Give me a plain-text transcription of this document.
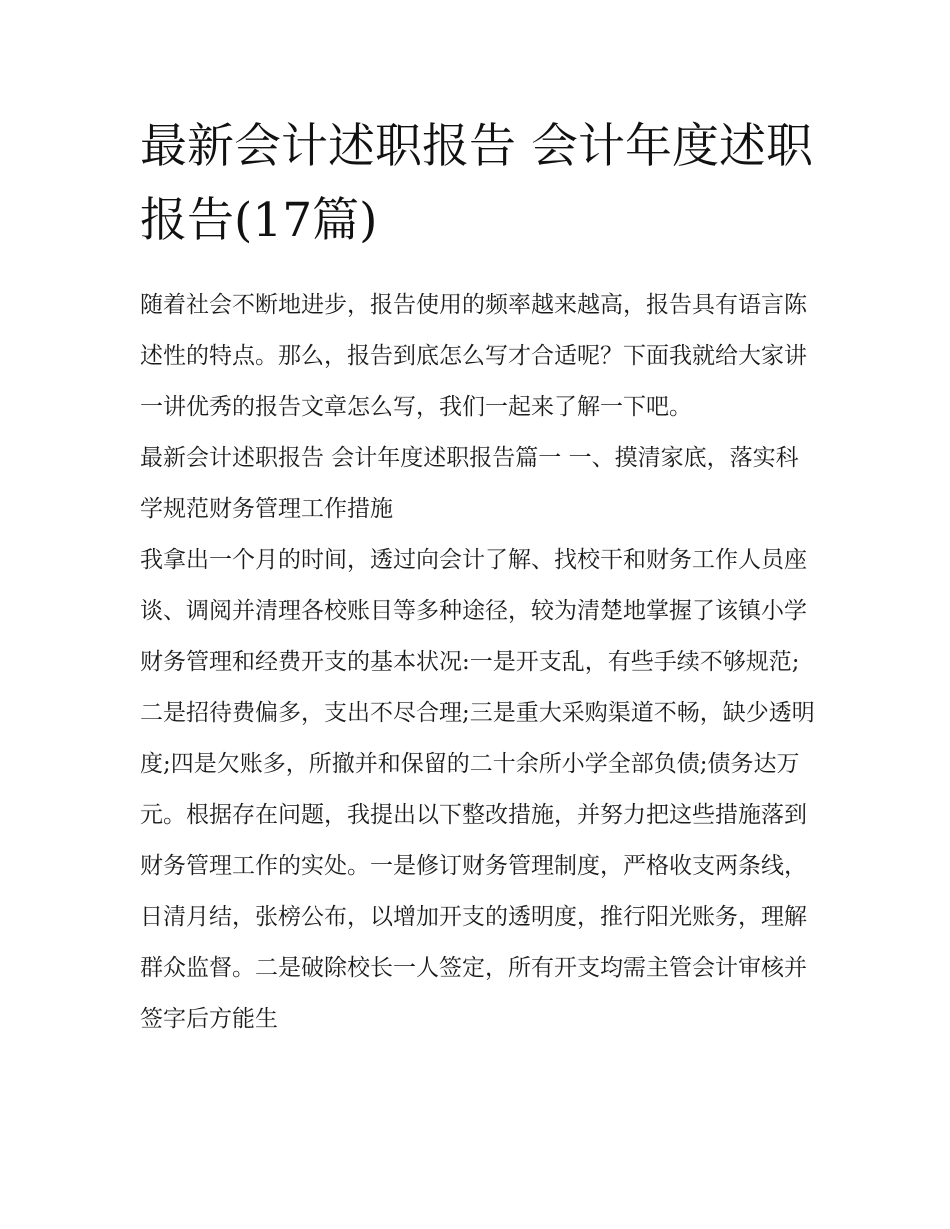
最新会计述职报告 会计年度述职报告(17篇)

随着社会不断地进步，报告使用的频率越来越高，报告具有语言陈述性的特点。那么，报告到底怎么写才合适呢？下面我就给大家讲一讲优秀的报告文章怎么写，我们一起来了解一下吧。

最新会计述职报告 会计年度述职报告篇一 一、摸清家底，落实科学规范财务管理工作措施

我拿出一个月的时间，透过向会计了解、找校干和财务工作人员座谈、调阅并清理各校账目等多种途径，较为清楚地掌握了该镇小学财务管理和经费开支的基本状况:一是开支乱，有些手续不够规范;二是招待费偏多，支出不尽合理;三是重大采购渠道不畅，缺少透明度;四是欠账多，所撤并和保留的二十余所小学全部负债;债务达万元。根据存在问题，我提出以下整改措施，并努力把这些措施落到财务管理工作的实处。一是修订财务管理制度，严格收支两条线，日清月结，张榜公布，以增加开支的透明度，推行阳光账务，理解群众监督。二是破除校长一人签定，所有开支均需主管会计审核并签字后方能生
